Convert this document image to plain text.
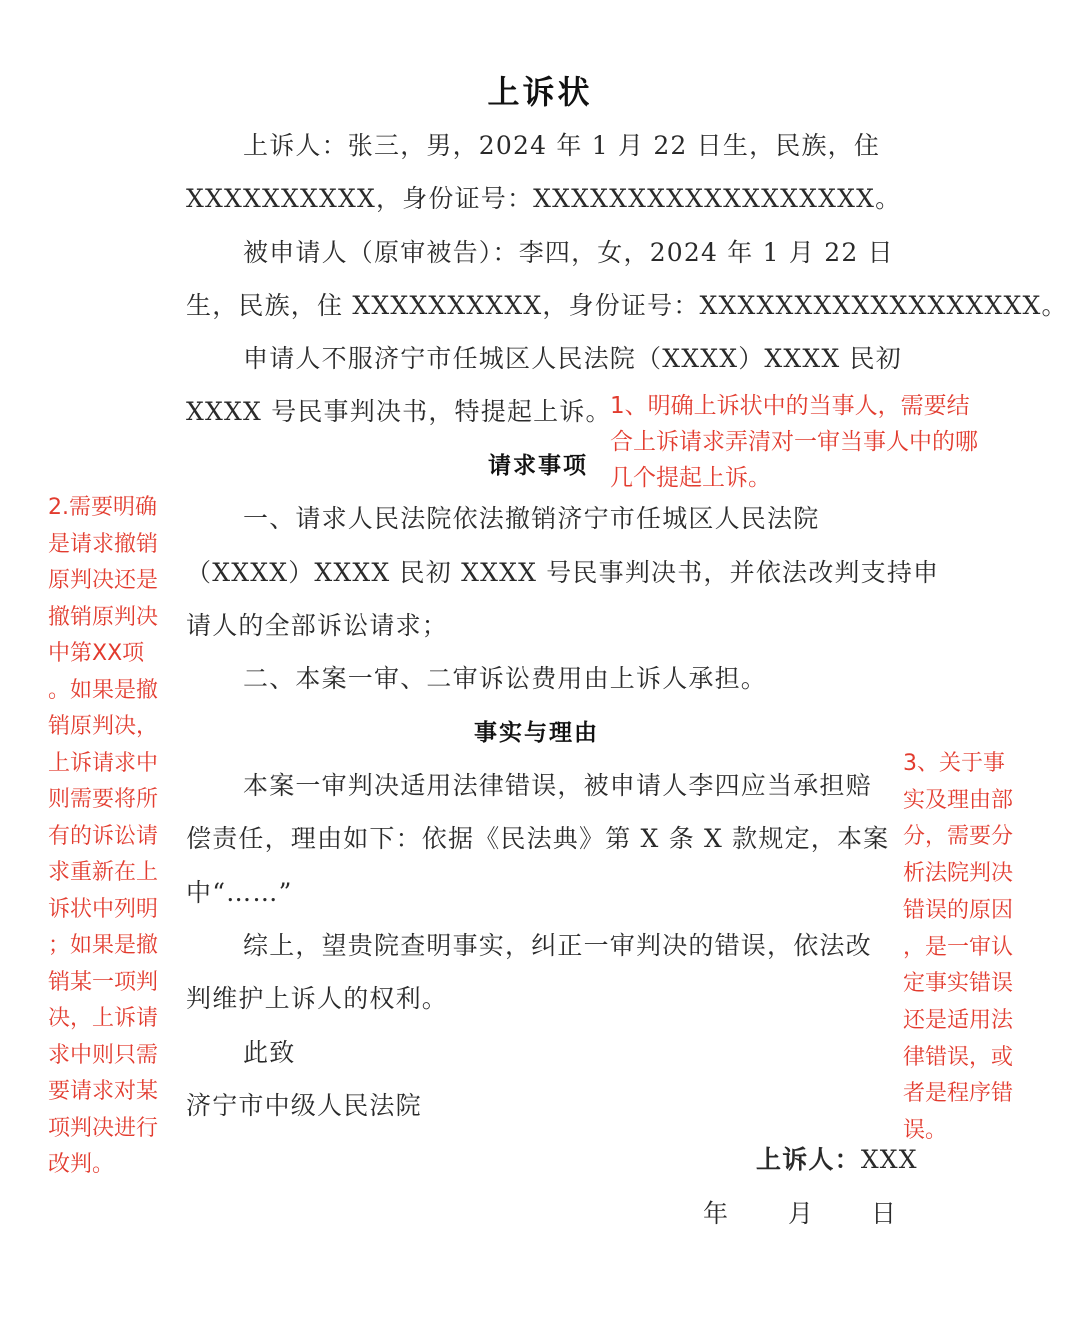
上诉状
上诉人：张三，男，2024 年 1 月 22 日生，民族，住
XXXXXXXXXX，身份证号：XXXXXXXXXXXXXXXXXX。
被申请人（原审被告）：李四，女，2024 年 1 月 22 日
生，民族，住 XXXXXXXXXX，身份证号：XXXXXXXXXXXXXXXXXX。
申请人不服济宁市任城区人民法院（XXXX）XXXX 民初
XXXX 号民事判决书，特提起上诉。
请求事项
一、请求人民法院依法撤销济宁市任城区人民法院
（XXXX）XXXX 民初 XXXX 号民事判决书，并依法改判支持申
请人的全部诉讼请求；
二、本案一审、二审诉讼费用由上诉人承担。
事实与理由
本案一审判决适用法律错误，被申请人李四应当承担赔
偿责任，理由如下：依据《民法典》第 X 条 X 款规定，本案
中“……”
综上，望贵院查明事实，纠正一审判决的错误，依法改
判维护上诉人的权利。
此致
济宁市中级人民法院
上诉人：XXX
年 月 日
1、明确上诉状中的当事人，需要结
合上诉请求弄清对一审当事人中的哪
几个提起上诉。
2.需要明确
是请求撤销
原判决还是
撤销原判决
中第XX项
。如果是撤
销原判决，
上诉请求中
则需要将所
有的诉讼请
求重新在上
诉状中列明
；如果是撤
销某一项判
决，上诉请
求中则只需
要请求对某
项判决进行
改判。
3、关于事
实及理由部
分，需要分
析法院判决
错误的原因
，是一审认
定事实错误
还是适用法
律错误，或
者是程序错
误。
